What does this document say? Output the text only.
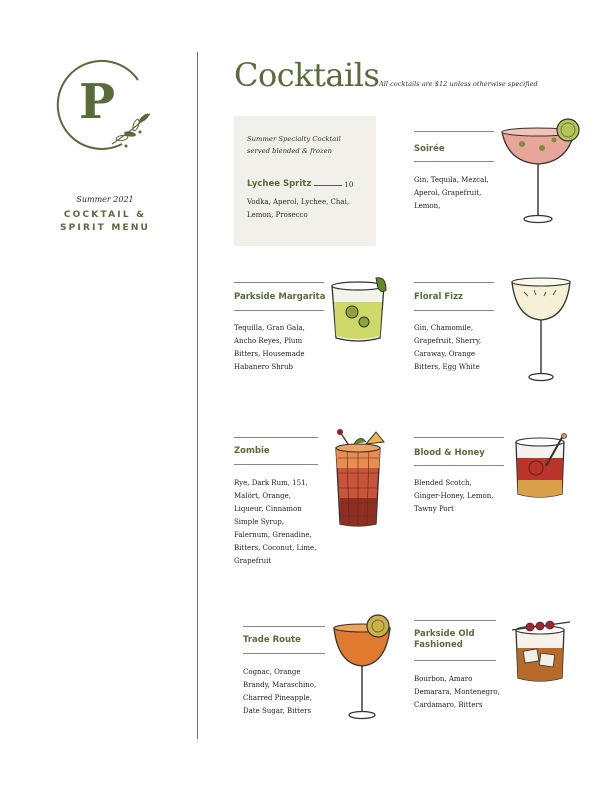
P
Summer 2021
COCKTAIL &
SPIRIT MENU
Cocktails All cocktails are $12 unless otherwise specified
Summer Specialty Cocktail
served blended & frozen
Lychee Spritz	10
Vodka, Aperol, Lychee, Chai,
Lemon, Prosecco
Soirée
Gin, Tequila, Mezcal,
Aperol, Grapefruit,
Lemon,
Parkside Margarita
Tequilla, Gran Gala,
Ancho Reyes, Plum
Bitters, Housemade
Habanero Shrub
Floral Fizz
Gin, Chamomile,
Grapefruit, Sherry,
Caraway, Orange
Bitters, Egg White
Zombie
Rye, Dark Rum, 151,
Malört, Orange,
Liqueur, Cinnamon
Simple Syrup,
Falernum, Grenadine,
Bitters, Coconut, Lime,
Grapefruit
Blood & Honey
Blended Scotch,
Ginger-Honey, Lemon,
Tawny Port
Trade Route
Cognac, Orange
Brandy, Maraschino,
Charred Pineapple,
Date Sugar, Bitters
Parkside Old
Fashioned
Bourbon, Amaro
Demarara, Montenegro,
Cardamaro, Bitters
